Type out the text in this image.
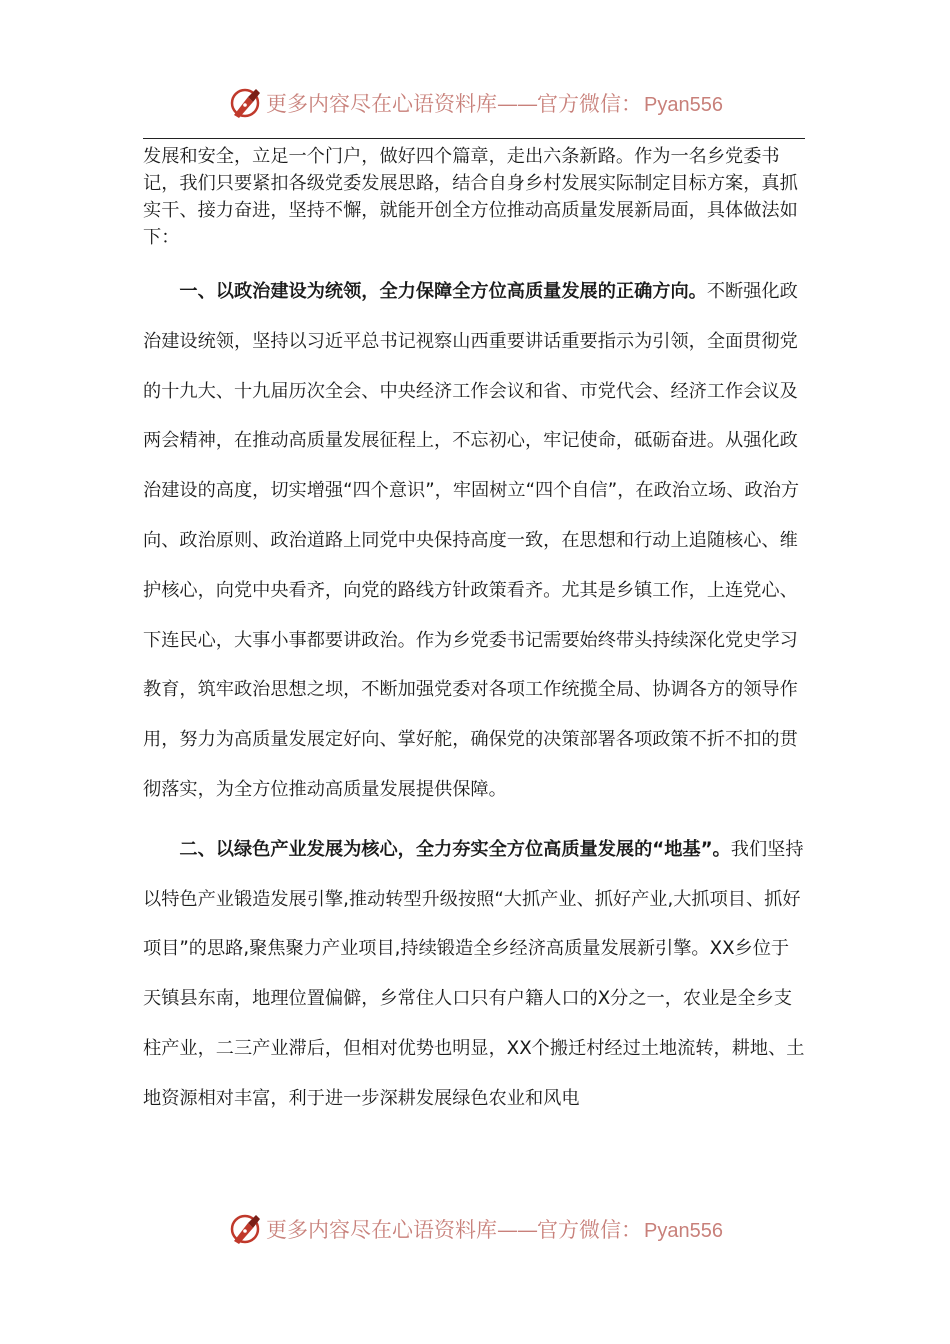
更多内容尽在心语资料库——官方微信： Pyan556

发展和安全，立足一个门户，做好四个篇章，走出六条新路。作为一名乡党委书记，我们只要紧扣各级党委发展思路，结合自身乡村发展实际制定目标方案，真抓实干、接力奋进，坚持不懈，就能开创全方位推动高质量发展新局面，具体做法如下：

一、以政治建设为统领，全力保障全方位高质量发展的正确方向。不断强化政治建设统领，坚持以习近平总书记视察山西重要讲话重要指示为引领，全面贯彻党的十九大、十九届历次全会、中央经济工作会议和省、市党代会、经济工作会议及两会精神，在推动高质量发展征程上，不忘初心，牢记使命，砥砺奋进。从强化政治建设的高度，切实增强“四个意识”，牢固树立“四个自信”，在政治立场、政治方向、政治原则、政治道路上同党中央保持高度一致，在思想和行动上追随核心、维护核心，向党中央看齐，向党的路线方针政策看齐。尤其是乡镇工作，上连党心、下连民心，大事小事都要讲政治。作为乡党委书记需要始终带头持续深化党史学习教育，筑牢政治思想之坝，不断加强党委对各项工作统揽全局、协调各方的领导作用，努力为高质量发展定好向、掌好舵，确保党的决策部署各项政策不折不扣的贯彻落实，为全方位推动高质量发展提供保障。

二、以绿色产业发展为核心，全力夯实全方位高质量发展的“地基”。我们坚持以特色产业锻造发展引擎,推动转型升级按照“大抓产业、抓好产业,大抓项目、抓好项目”的思路,聚焦聚力产业项目,持续锻造全乡经济高质量发展新引擎。XX乡位于天镇县东南，地理位置偏僻，乡常住人口只有户籍人口的X分之一，农业是全乡支柱产业，二三产业滞后，但相对优势也明显，XX个搬迁村经过土地流转，耕地、土地资源相对丰富，利于进一步深耕发展绿色农业和风电

更多内容尽在心语资料库——官方微信： Pyan556
